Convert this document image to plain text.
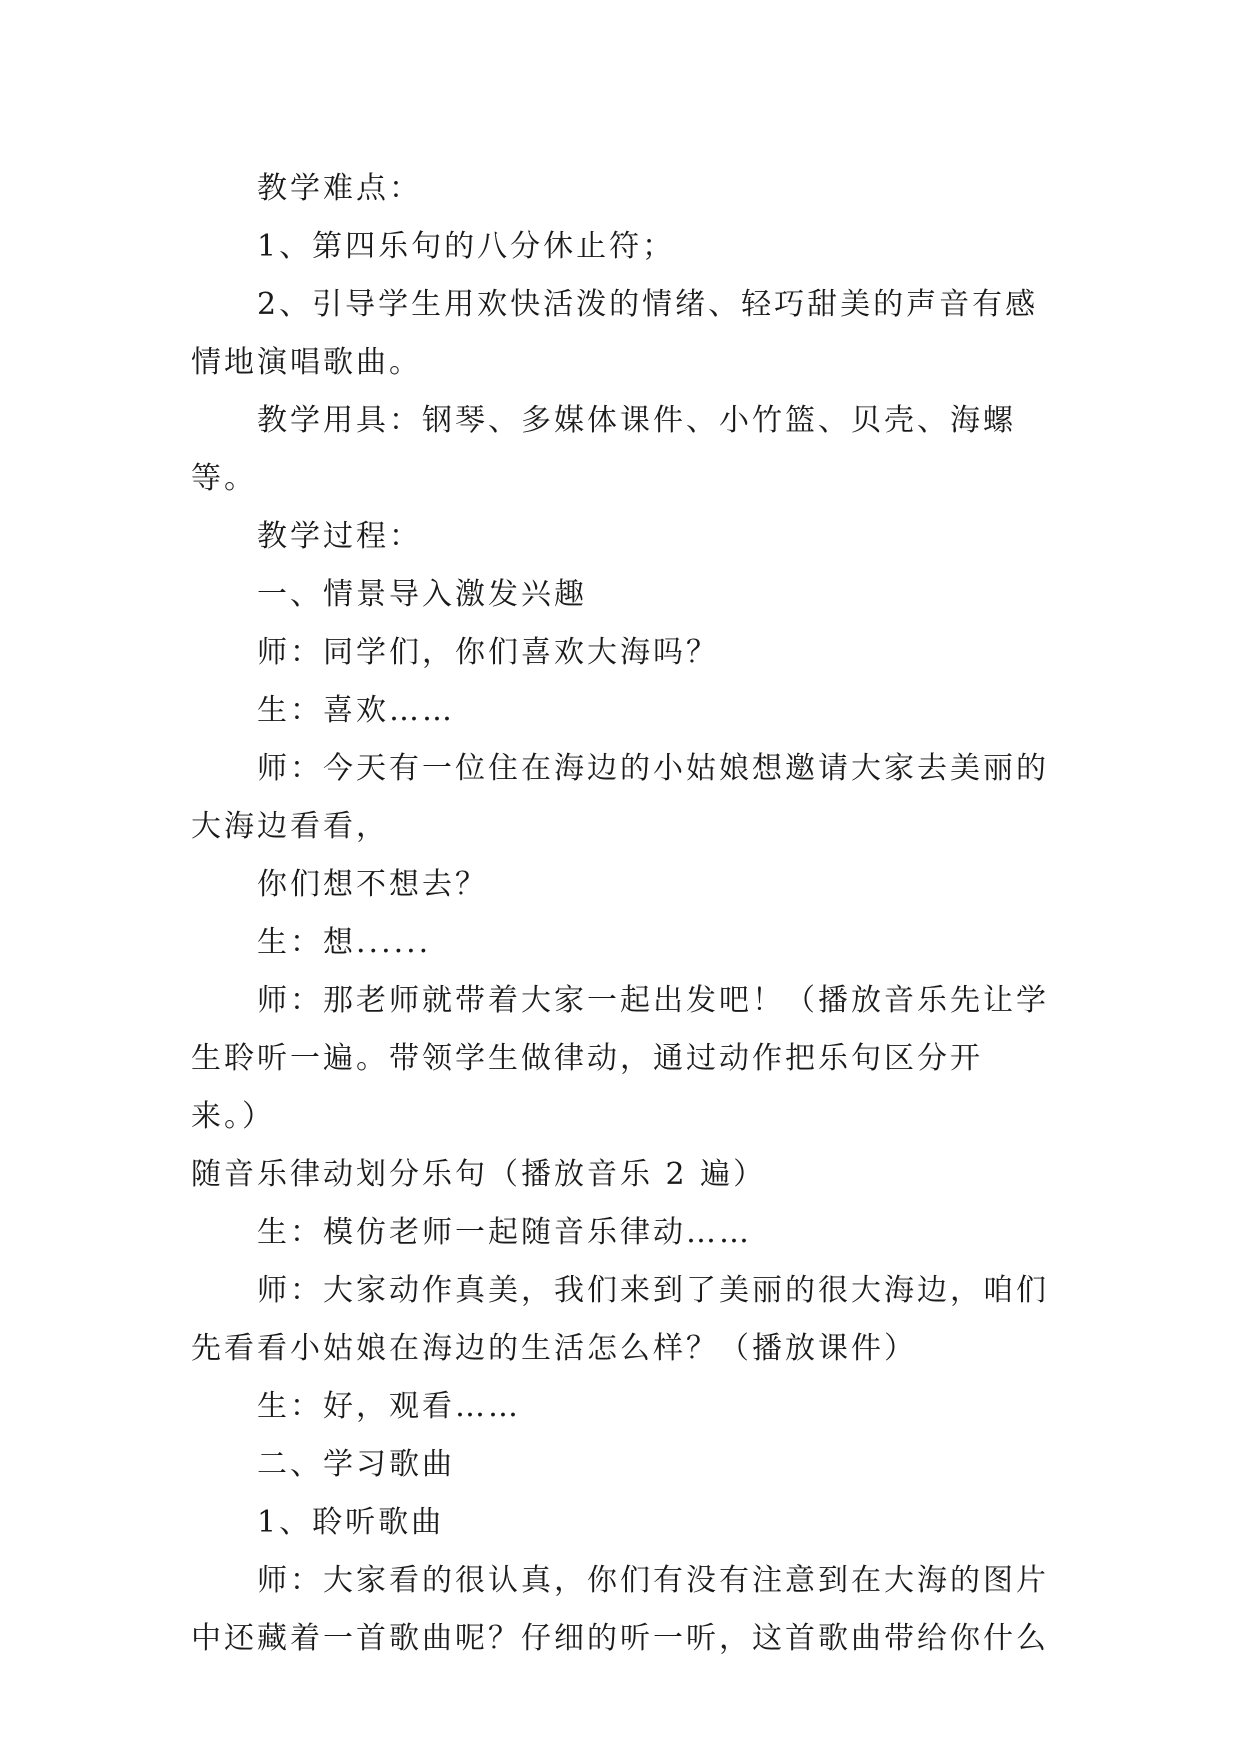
教学难点：

1、第四乐句的八分休止符；

2、引导学生用欢快活泼的情绪、轻巧甜美的声音有感

情地演唱歌曲。

教学用具：钢琴、多媒体课件、小竹篮、贝壳、海螺等。

教学过程：

一、情景导入激发兴趣

师：同学们，你们喜欢大海吗？

生：喜欢……

师：今天有一位住在海边的小姑娘想邀请大家去美丽的

大海边看看，

你们想不想去？

生：想......

师：那老师就带着大家一起出发吧！（播放音乐先让学

生聆听一遍。带领学生做律动，通过动作把乐句区分开来。）

随音乐律动划分乐句（播放音乐 2 遍）

生：模仿老师一起随音乐律动……

师：大家动作真美，我们来到了美丽的很大海边，咱们

先看看小姑娘在海边的生活怎么样？（播放课件）

生：好，观看……

二、学习歌曲

1、聆听歌曲

师：大家看的很认真，你们有没有注意到在大海的图片

中还藏着一首歌曲呢？仔细的听一听，这首歌曲带给你什么
